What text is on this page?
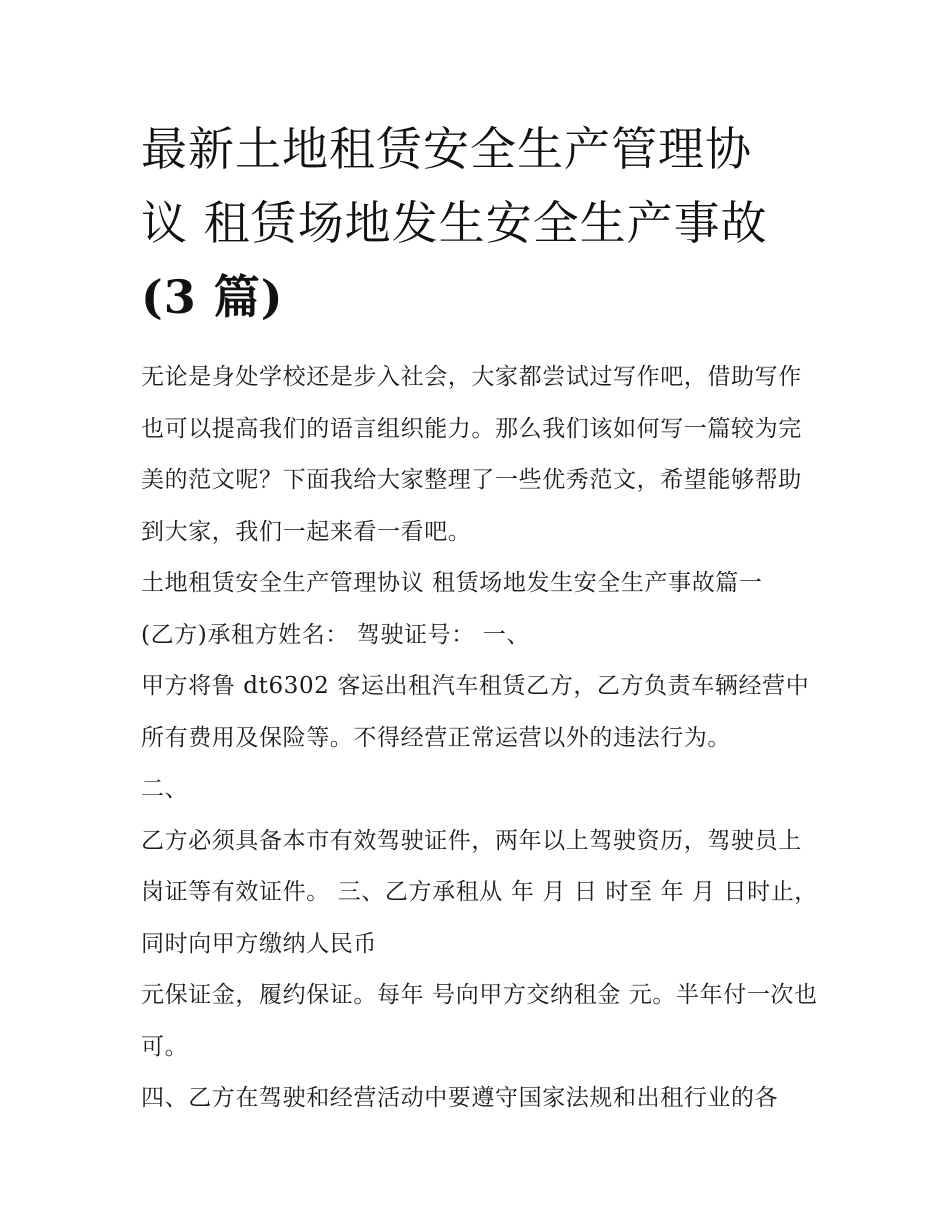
最新土地租赁安全生产管理协
议 租赁场地发生安全生产事故
(3 篇)

无论是身处学校还是步入社会，大家都尝试过写作吧，借助写作也可以提高我们的语言组织能力。那么我们该如何写一篇较为完美的范文呢？下面我给大家整理了一些优秀范文，希望能够帮助到大家，我们一起来看一看吧。

土地租赁安全生产管理协议 租赁场地发生安全生产事故篇一

(乙方)承租方姓名： 驾驶证号： 一、

甲方将鲁 dt6302 客运出租汽车租赁乙方，乙方负责车辆经营中所有费用及保险等。不得经营正常运营以外的违法行为。

二、

乙方必须具备本市有效驾驶证件，两年以上驾驶资历，驾驶员上岗证等有效证件。 三、乙方承租从 年 月 日 时至 年 月 日时止，同时向甲方缴纳人民币

元保证金，履约保证。每年 号向甲方交纳租金 元。半年付一次也可。

四、乙方在驾驶和经营活动中要遵守国家法规和出租行业的各
